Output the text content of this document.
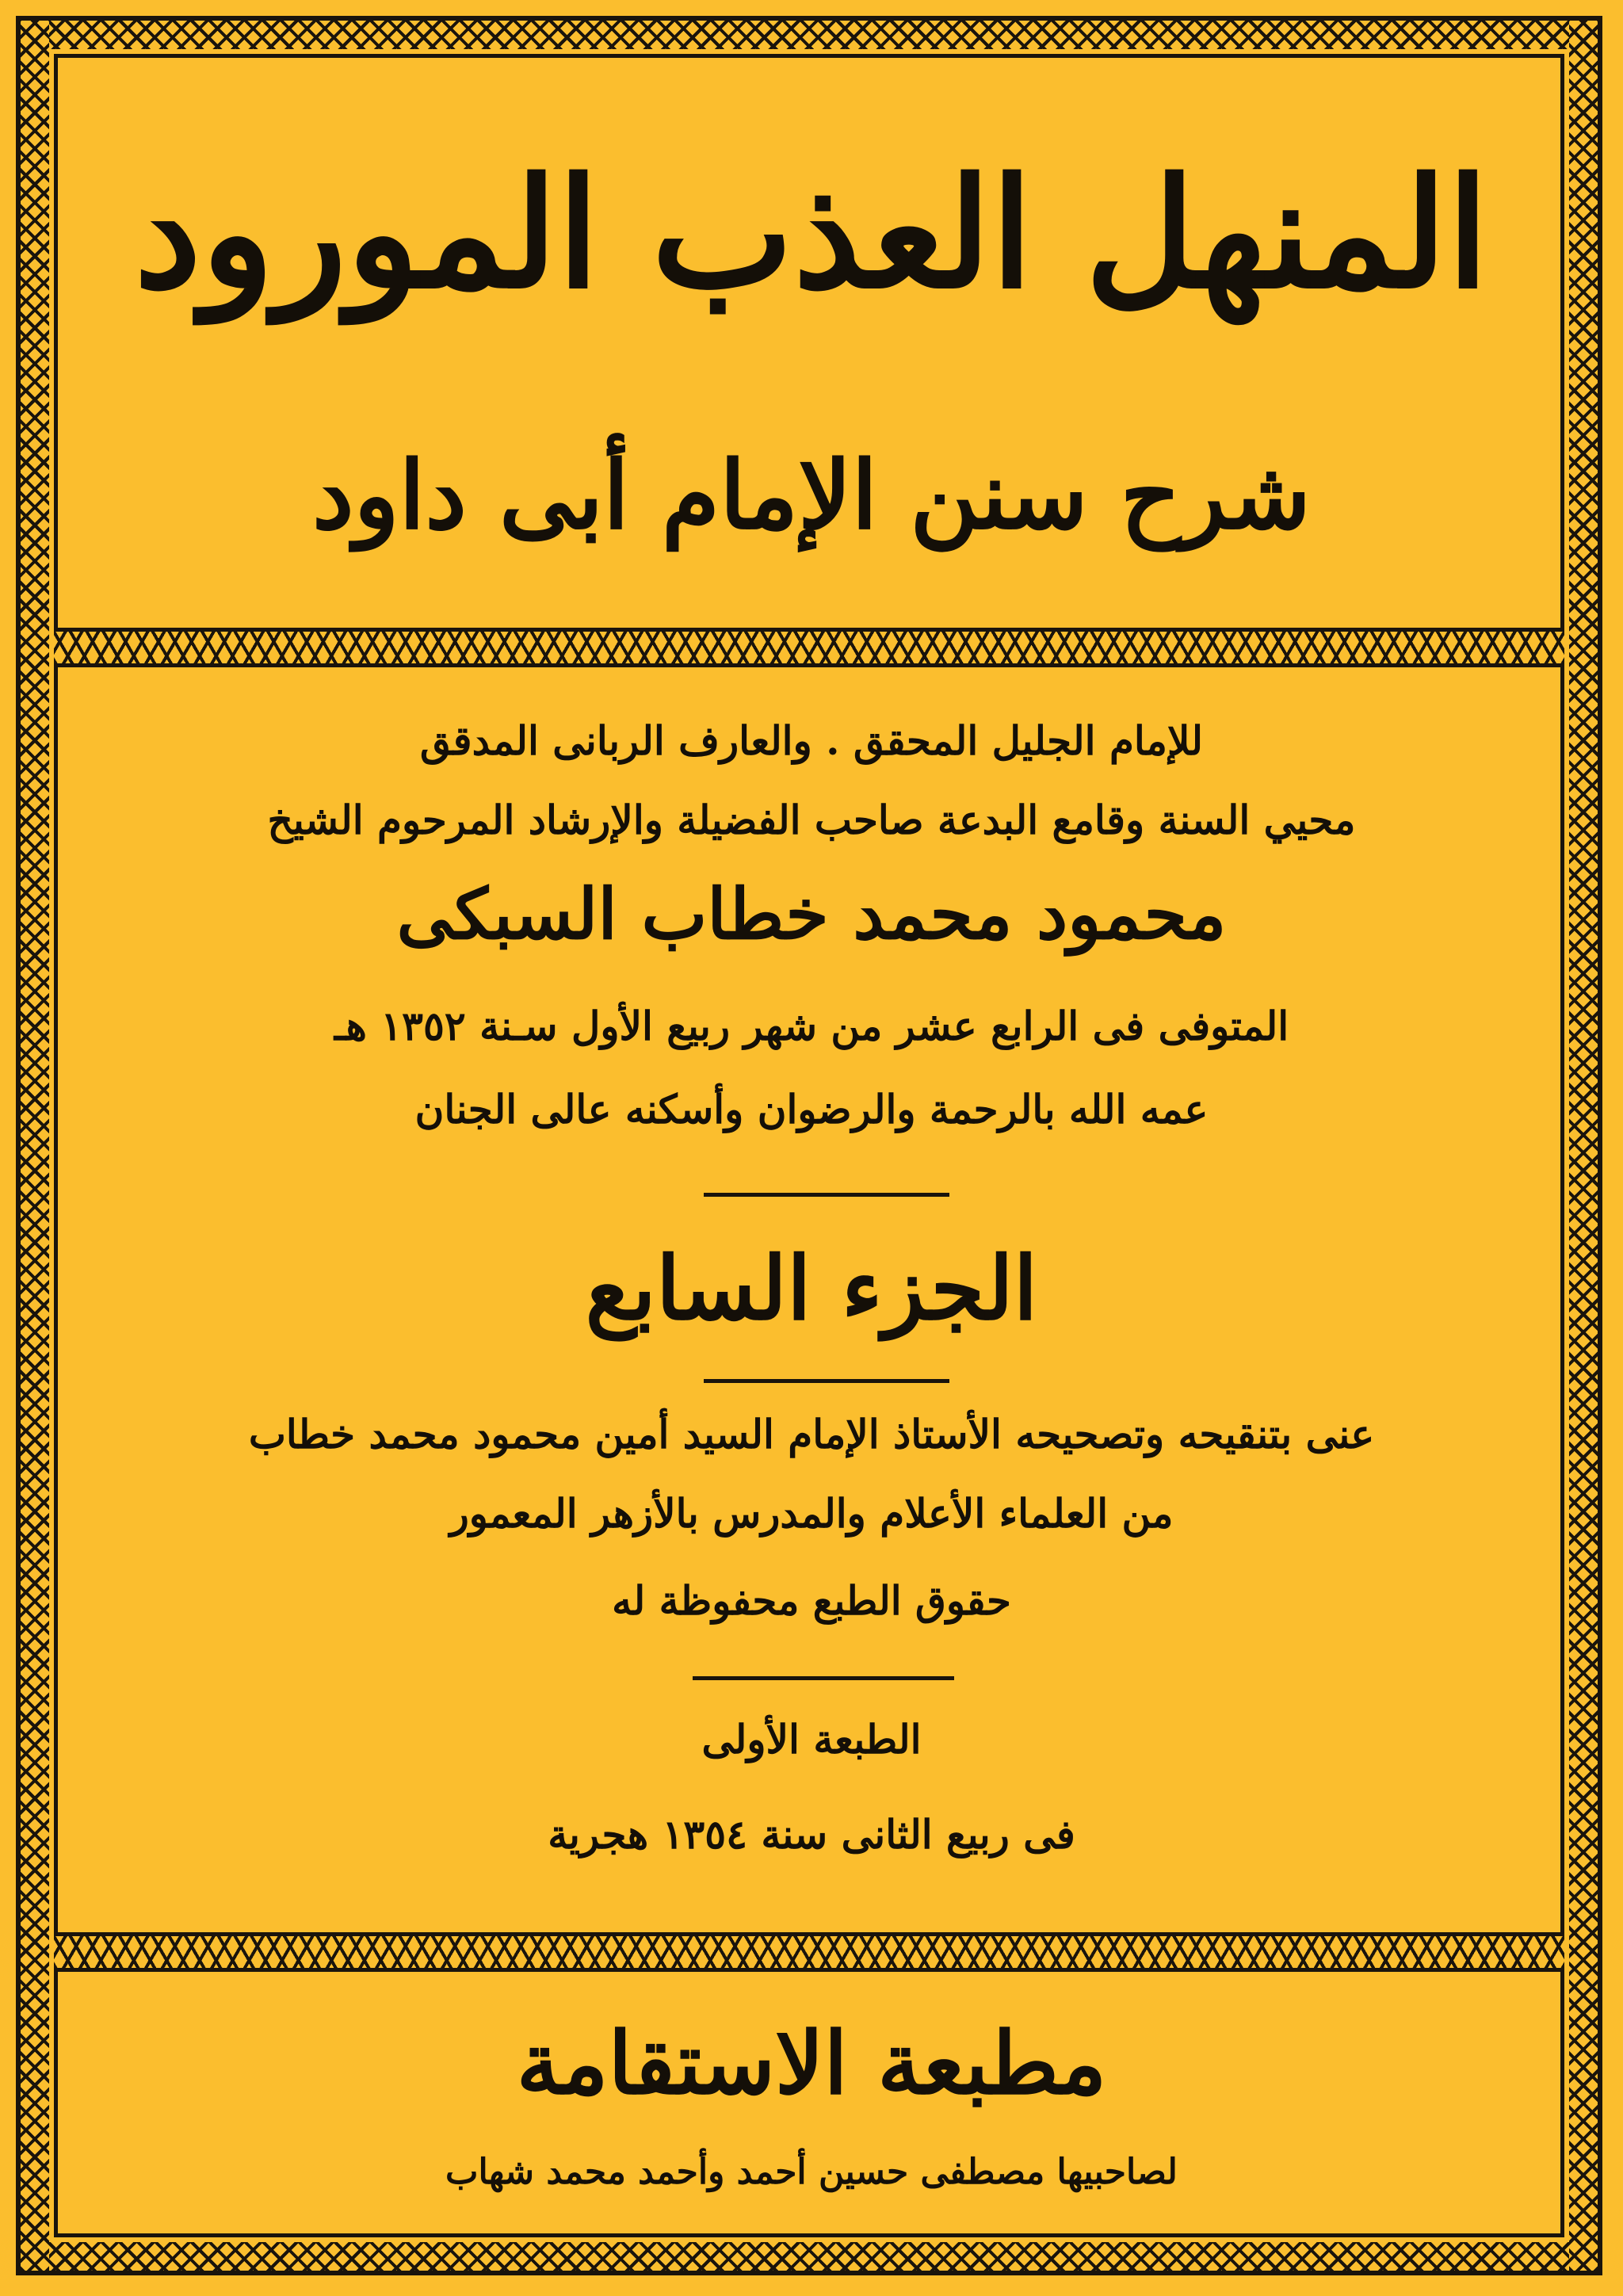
المنهل العذب المورود
شرح سنن الإمام أبى داود
للإمام الجليل المحقق . والعارف الربانى المدقق
محيي السنة وقامع البدعة صاحب الفضيلة والإرشاد المرحوم الشيخ
محمود محمد خطاب السبكى
المتوفى فى الرابع عشر من شهر ربيع الأول سـنة ١٣٥٢ هـ
عمه الله بالرحمة والرضوان وأسكنه عالى الجنان
الجزء السابع
عنى بتنقيحه وتصحيحه الأستاذ الإمام السيد أمين محمود محمد خطاب
من العلماء الأعلام والمدرس بالأزهر المعمور
حقوق الطبع محفوظة له
الطبعة الأولى
فى ربيع الثانى سنة ١٣٥٤ هجرية
مطبعة الاستقامة
لصاحبيها مصطفى حسين أحمد وأحمد محمد شهاب
